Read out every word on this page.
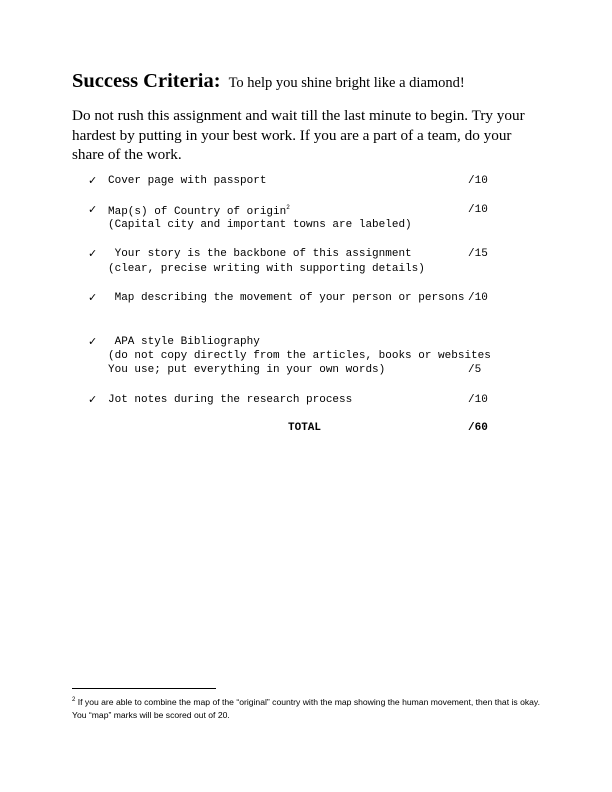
Success Criteria: To help you shine bright like a diamond!
Do not rush this assignment and wait till the last minute to begin. Try your hardest by putting in your best work. If you are a part of a team, do your share of the work.
✓ Cover page with passport	/10
✓ Map(s) of Country of origin$^2$	/10
(Capital city and important towns are labeled)
✓ Your story is the backbone of this assignment	/15
(clear, precise writing with supporting details)
✓ Map describing the movement of your person or persons /10
✓ APA style Bibliography
(do not copy directly from the articles, books or websites
You use; put everything in your own words)	/5
✓ Jot notes during the research process	/10
TOTAL	/60
$^2$ If you are able to combine the map of the “original” country with the map showing the human movement, then that is okay. You “map” marks will be scored out of 20.
